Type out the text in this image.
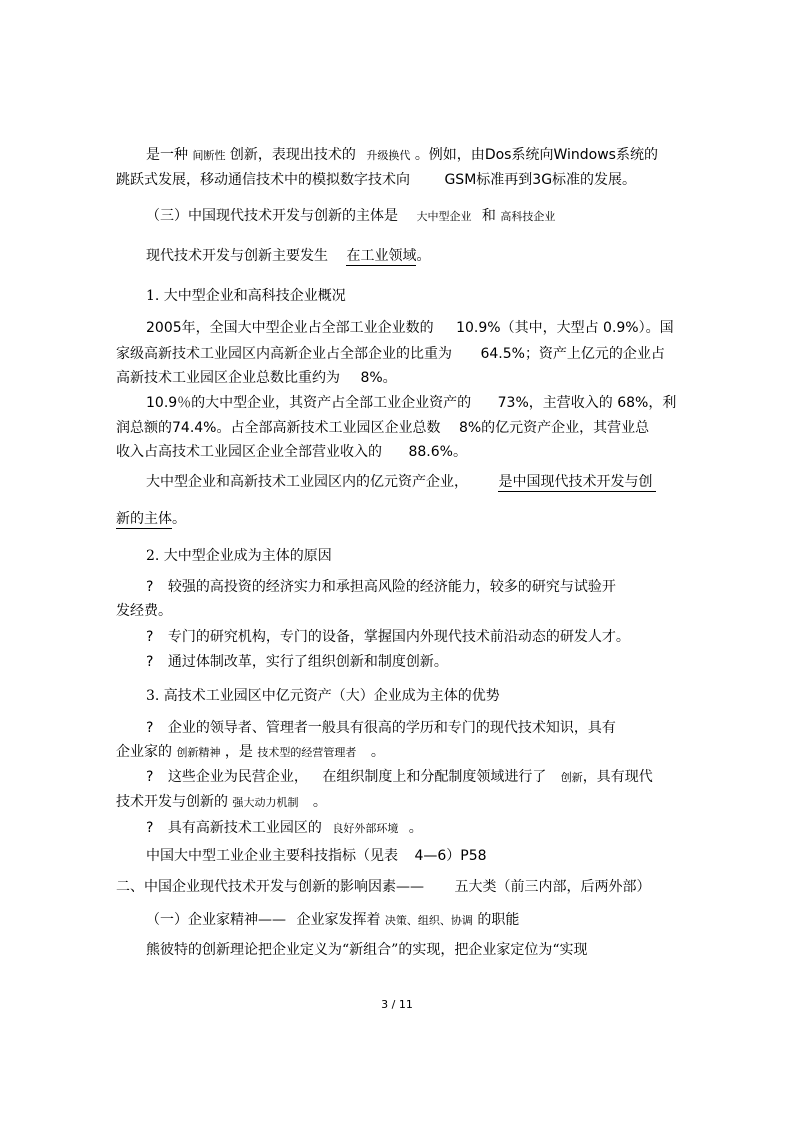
是一种 间断性 创新，表现出技术的 升级换代 。例如，由Dos系统向Windows系统的
跳跃式发展，移动通信技术中的模拟数字技术向 GSM标准再到3G标准的发展。
（三）中国现代技术开发与创新的主体是 大中型企业 和 高科技企业
现代技术开发与创新主要发生 在工业领域。
1. 大中型企业和高科技企业概况
2005年，全国大中型企业占全部工业企业数的 10.9%（其中，大型占 0.9%）。国
家级高新技术工业园区内高新企业占全部企业的比重为 64.5%；资产上亿元的企业占
高新技术工业园区企业总数比重约为 8%。
10.9％的大中型企业，其资产占全部工业企业资产的 73%，主营收入的 68%，利
润总额的74.4%。占全部高新技术工业园区企业总数 8%的亿元资产企业，其营业总
收入占高技术工业园区企业全部营业收入的 88.6%。
大中型企业和高新技术工业园区内的亿元资产企业， 是中国现代技术开发与创
新的主体。
2. 大中型企业成为主体的原因
? 较强的高投资的经济实力和承担高风险的经济能力，较多的研究与试验开
发经费。
? 专门的研究机构，专门的设备，掌握国内外现代技术前沿动态的研发人才。
? 通过体制改革，实行了组织创新和制度创新。
3. 高技术工业园区中亿元资产（大）企业成为主体的优势
? 企业的领导者、管理者一般具有很高的学历和专门的现代技术知识，具有
企业家的 创新精神 ，是 技术型的经营管理者 。
? 这些企业为民营企业， 在组织制度上和分配制度领域进行了 创新，具有现代
技术开发与创新的 强大动力机制 。
? 具有高新技术工业园区的 良好外部环境 。
中国大中型工业企业主要科技指标（见表 4—6）P58
二、中国企业现代技术开发与创新的影响因素—— 五大类（前三内部，后两外部）
（一）企业家精神—— 企业家发挥着 决策、组织、协调 的职能
熊彼特的创新理论把企业定义为“新组合”的实现，把企业家定位为“实现
3 / 11
